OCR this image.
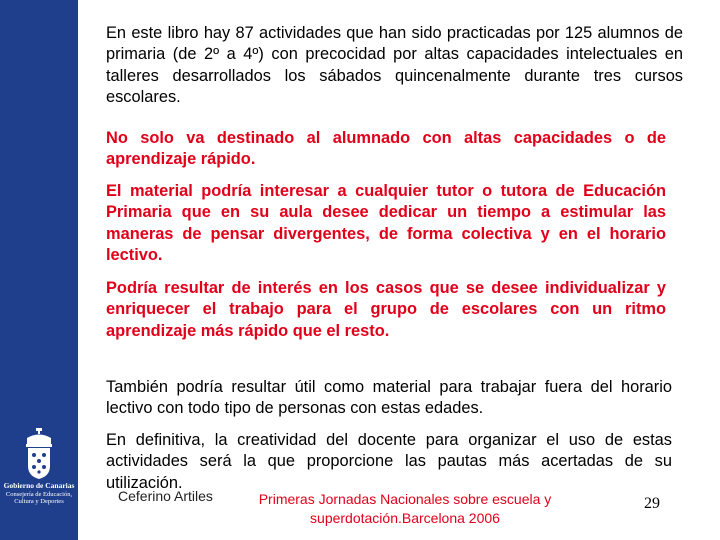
Gobierno de Canarias
Consejería de Educación,
Cultura y Deportes

En este libro hay 87 actividades que han sido practicadas por 125 alumnos de primaria (de 2º a 4º) con precocidad por altas capacidades intelectuales en talleres desarrollados los sábados quincenalmente durante tres cursos escolares.

No solo va destinado al alumnado con altas capacidades o de aprendizaje rápido.

El material podría interesar a cualquier tutor o tutora de Educación Primaria que en su aula desee dedicar un tiempo a estimular las maneras de pensar divergentes, de forma colectiva y en el horario lectivo.

Podría resultar de interés en los casos que se desee individualizar y enriquecer el trabajo para el grupo de escolares con un ritmo aprendizaje más rápido que el resto.

También podría resultar útil como material para trabajar fuera del horario lectivo con todo tipo de personas con estas edades.

En definitiva, la creatividad del docente para organizar el uso de estas actividades será la que proporcione las pautas más acertadas de su utilización.

Ceferino Artiles	Primeras Jornadas Nacionales sobre escuela y superdotación.Barcelona 2006
29
